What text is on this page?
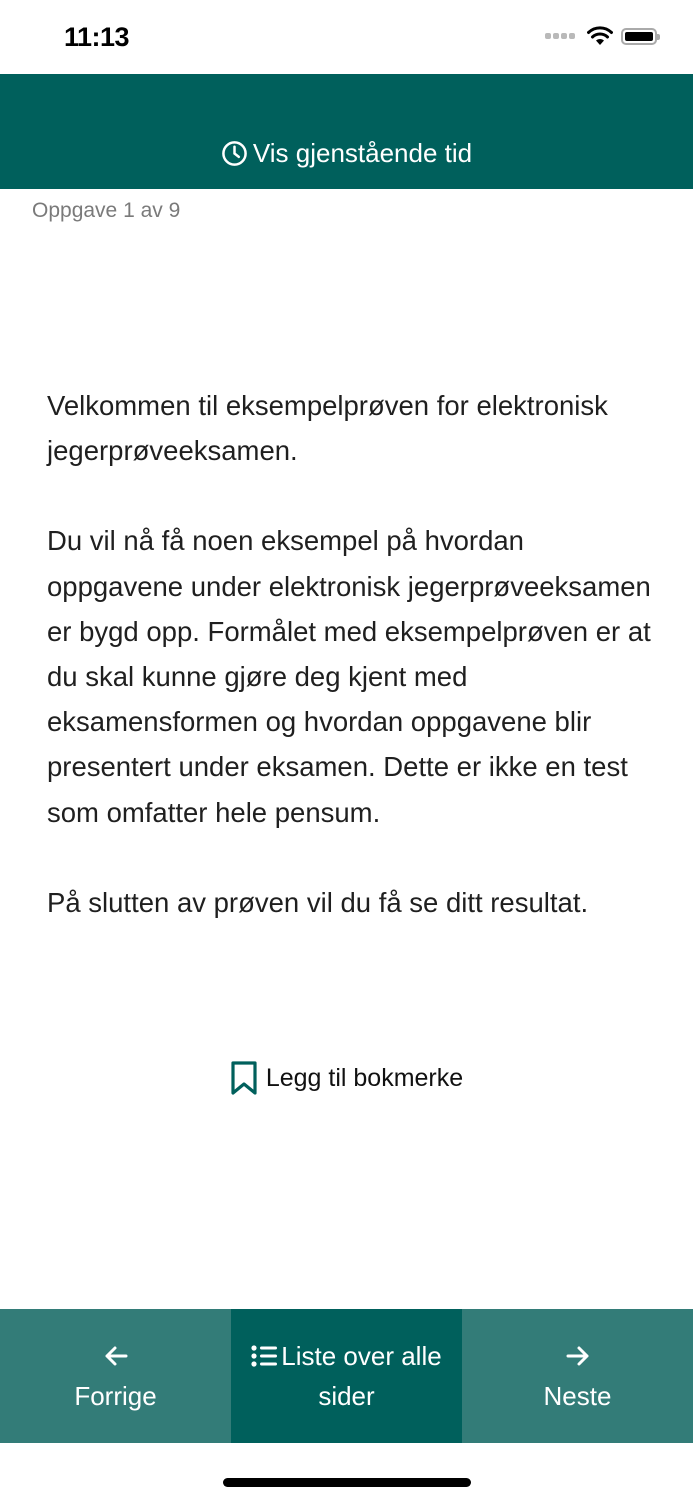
11:13
Vis gjenstående tid
Oppgave 1 av 9

Velkommen til eksempelprøven for elektronisk jegerprøveeksamen.

Du vil nå få noen eksempel på hvordan oppgavene under elektronisk jegerprøveeksamen er bygd opp. Formålet med eksempelprøven er at du skal kunne gjøre deg kjent med eksamensformen og hvordan oppgavene blir presentert under eksamen. Dette er ikke en test som omfatter hele pensum.

På slutten av prøven vil du få se ditt resultat.

Legg til bokmerke
Forrige
Liste over alle sider	Neste
